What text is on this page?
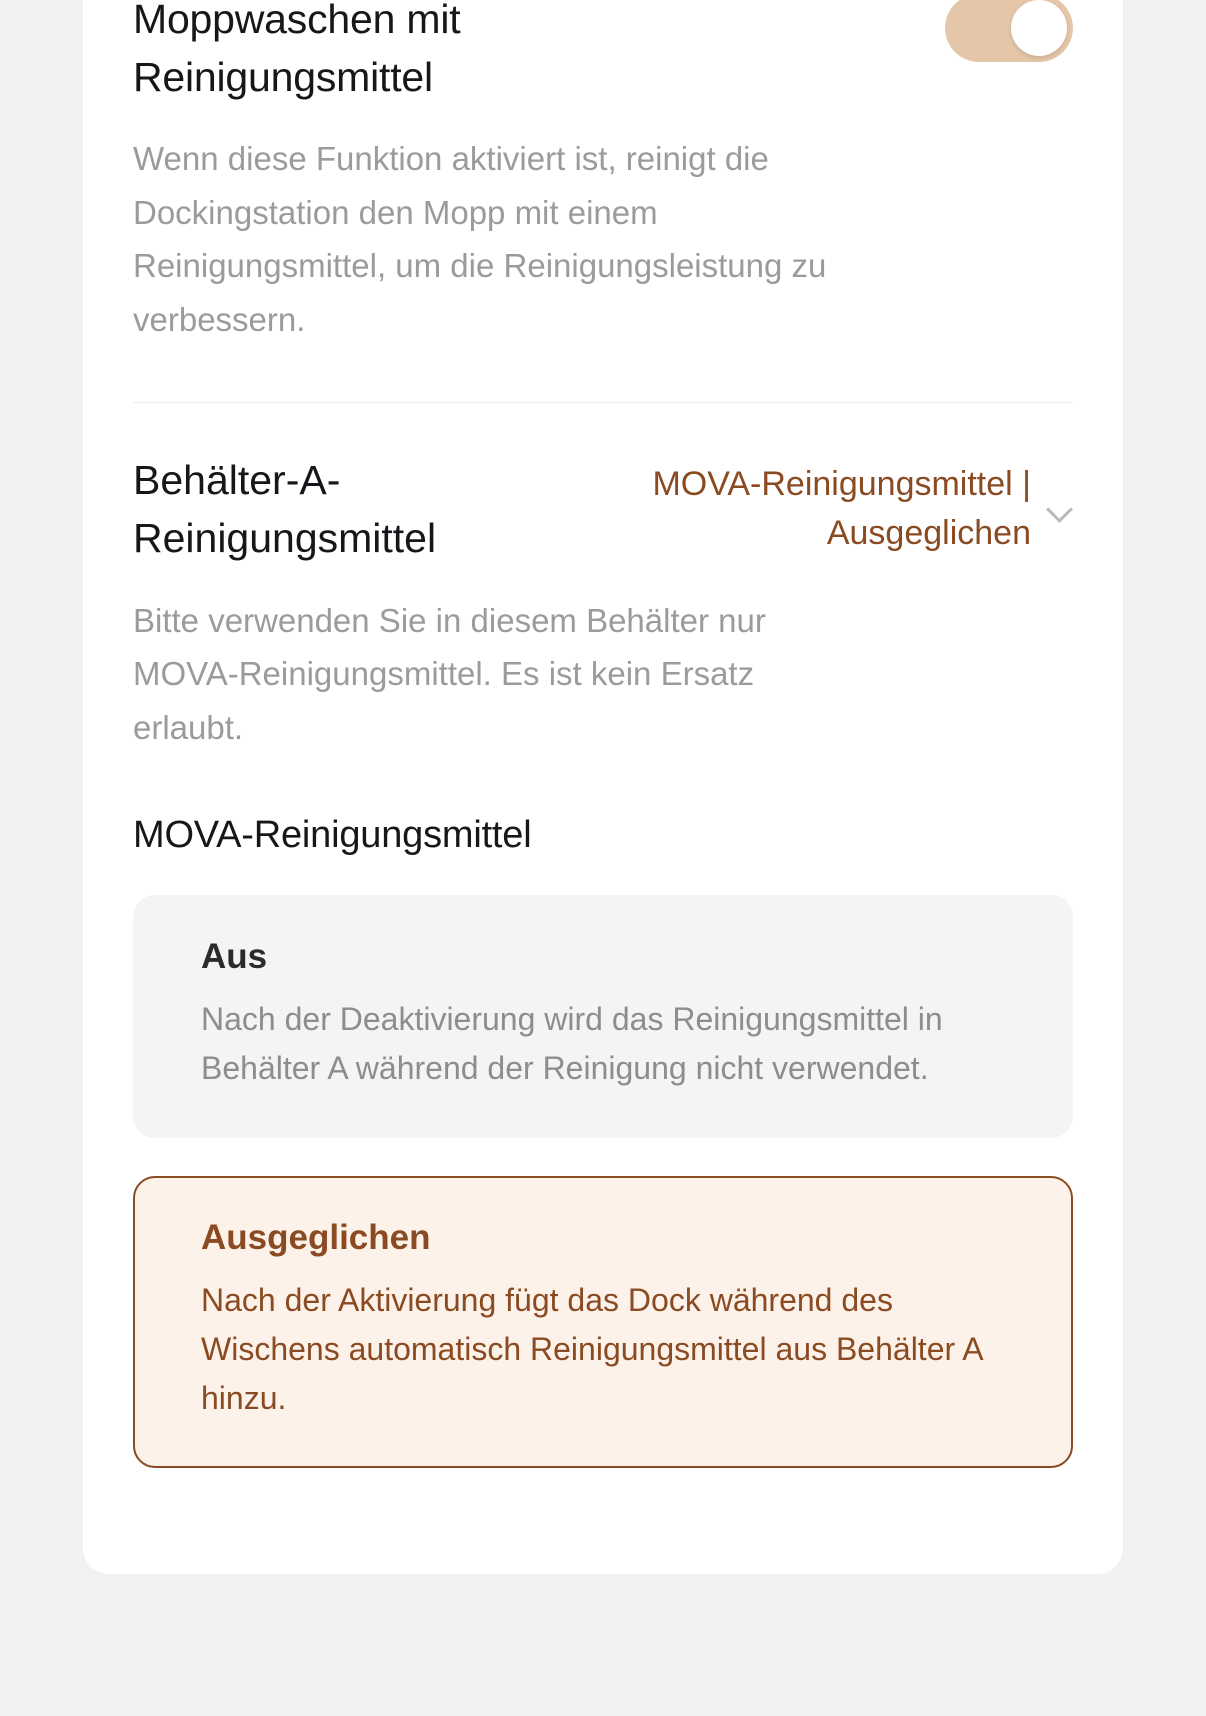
Moppwaschen mit Reinigungsmittel
Wenn diese Funktion aktiviert ist, reinigt die Dockingstation den Mopp mit einem Reinigungsmittel, um die Reinigungsleistung zu verbessern.
Behälter-A-Reinigungsmittel
MOVA-Reinigungsmittel | Ausgeglichen
Bitte verwenden Sie in diesem Behälter nur MOVA-Reinigungsmittel. Es ist kein Ersatz erlaubt.
MOVA-Reinigungsmittel
Aus
Nach der Deaktivierung wird das Reinigungsmittel in Behälter A während der Reinigung nicht verwendet.
Ausgeglichen
Nach der Aktivierung fügt das Dock während des Wischens automatisch Reinigungsmittel aus Behälter A hinzu.
